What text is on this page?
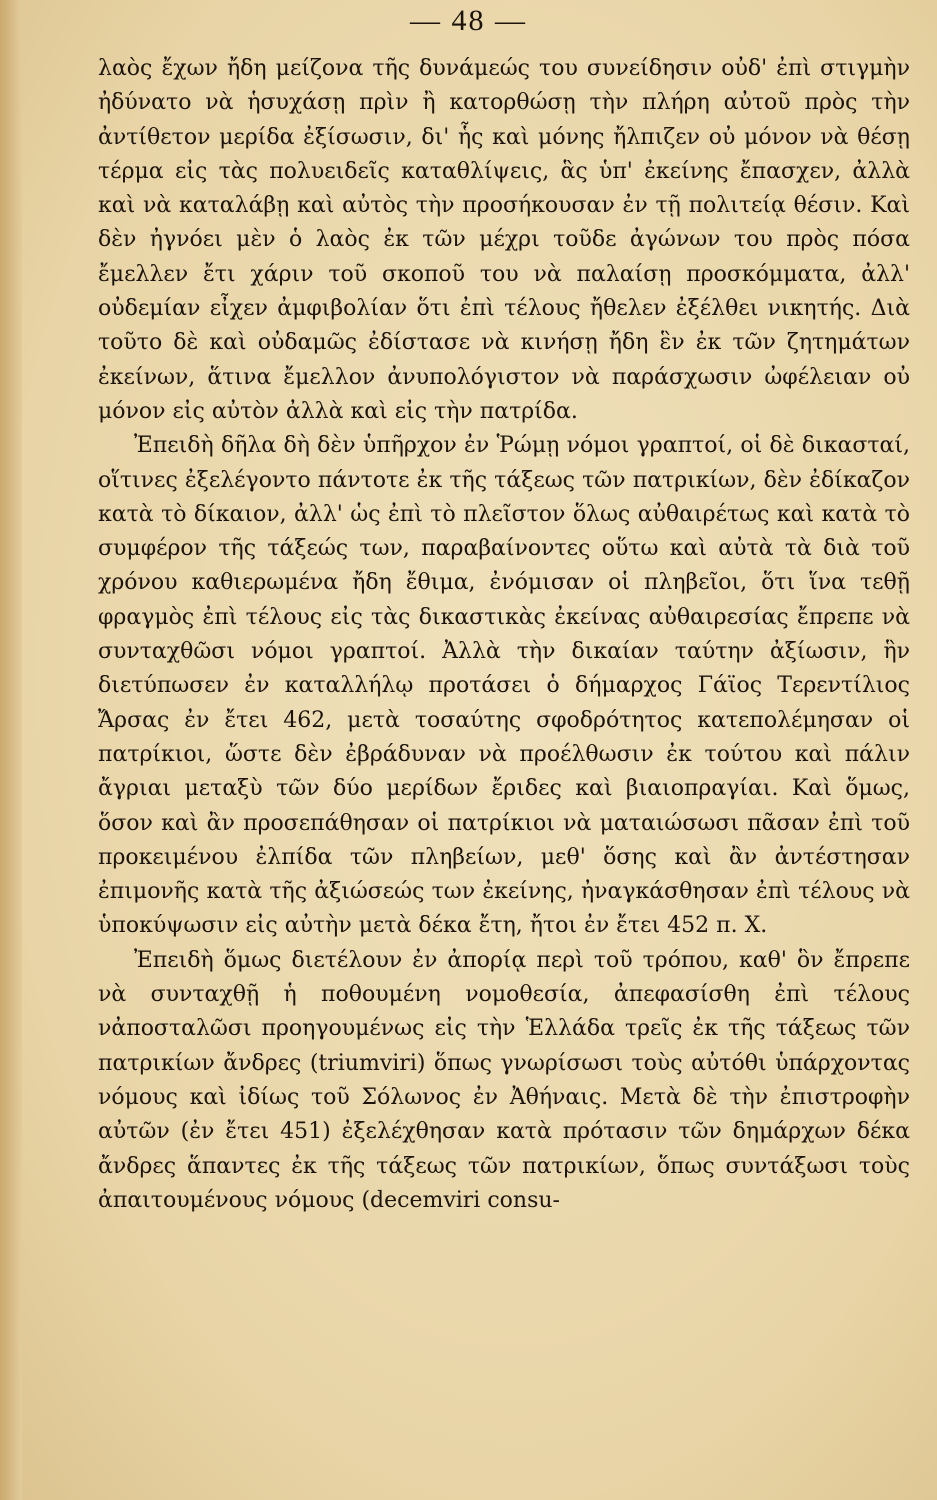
— 48 —

λαὸς ἔχων ἤδη μείζονα τῆς δυνάμεώς του συνείδησιν οὐδ' ἐπὶ στιγμὴν ἠδύνατο νὰ ἡσυχάσῃ πρὶν ἢ κατορθώσῃ τὴν πλήρη αὐτοῦ πρὸς τὴν ἀντίθετον μερίδα ἐξίσωσιν, δι' ἧς καὶ μόνης ἤλπιζεν οὐ μόνον νὰ θέσῃ τέρμα εἰς τὰς πολυειδεῖς καταθλίψεις, ἃς ὑπ' ἐκείνης ἔπασχεν, ἀλλὰ καὶ νὰ καταλάβῃ καὶ αὐτὸς τὴν προσήκουσαν ἐν τῇ πολιτείᾳ θέσιν. Καὶ δὲν ἠγνόει μὲν ὁ λαὸς ἐκ τῶν μέχρι τοῦδε ἀγώνων του πρὸς πόσα ἔμελλεν ἔτι χάριν τοῦ σκοποῦ του νὰ παλαίσῃ προσκόμματα, ἀλλ' οὐδεμίαν εἶχεν ἀμφιβολίαν ὅτι ἐπὶ τέλους ἤθελεν ἐξέλθει νικητής. Διὰ τοῦτο δὲ καὶ οὐδαμῶς ἐδίστασε νὰ κινήσῃ ἤδη ἓν ἐκ τῶν ζητημάτων ἐκείνων, ἅτινα ἔμελλον ἀνυπολόγιστον νὰ παράσχωσιν ὠφέλειαν οὐ μόνον εἰς αὐτὸν ἀλλὰ καὶ εἰς τὴν πατρίδα.

Ἐπειδὴ δῆλα δὴ δὲν ὑπῆρχον ἐν Ῥώμῃ νόμοι γραπτοί, οἱ δὲ δικασταί, οἵτινες ἐξελέγοντο πάντοτε ἐκ τῆς τάξεως τῶν πατρικίων, δὲν ἐδίκαζον κατὰ τὸ δίκαιον, ἀλλ' ὡς ἐπὶ τὸ πλεῖστον ὅλως αὐθαιρέτως καὶ κατὰ τὸ συμφέρον τῆς τάξεώς των, παραβαίνοντες οὕτω καὶ αὐτὰ τὰ διὰ τοῦ χρόνου καθιερωμένα ἤδη ἔθιμα, ἐνόμισαν οἱ πληβεῖοι, ὅτι ἵνα τεθῇ φραγμὸς ἐπὶ τέλους εἰς τὰς δικαστικὰς ἐκείνας αὐθαιρεσίας ἔπρεπε νὰ συνταχθῶσι νόμοι γραπτοί. Ἀλλὰ τὴν δικαίαν ταύτην ἀξίωσιν, ἣν διετύπωσεν ἐν καταλλήλῳ προτάσει ὁ δήμαρχος Γάϊος Τερεντίλιος Ἄρσας ἐν ἔτει 462, μετὰ τοσαύτης σφοδρότητος κατεπολέμησαν οἱ πατρίκιοι, ὥστε δὲν ἐβράδυναν νὰ προέλθωσιν ἐκ τούτου καὶ πάλιν ἄγριαι μεταξὺ τῶν δύο μερίδων ἔριδες καὶ βιαιοπραγίαι. Καὶ ὅμως, ὅσον καὶ ἂν προσεπάθησαν οἱ πατρίκιοι νὰ ματαιώσωσι πᾶσαν ἐπὶ τοῦ προκειμένου ἐλπίδα τῶν πληβείων, μεθ' ὅσης καὶ ἂν ἀντέστησαν ἐπιμονῆς κατὰ τῆς ἀξιώσεώς των ἐκείνης, ἠναγκάσθησαν ἐπὶ τέλους νὰ ὑποκύψωσιν εἰς αὐτὴν μετὰ δέκα ἔτη, ἤτοι ἐν ἔτει 452 π. Χ.

Ἐπειδὴ ὅμως διετέλουν ἐν ἀπορίᾳ περὶ τοῦ τρόπου, καθ' ὃν ἔπρεπε νὰ συνταχθῇ ἡ ποθουμένη νομοθεσία, ἀπεφασίσθη ἐπὶ τέλους νἀποσταλῶσι προηγουμένως εἰς τὴν Ἑλλάδα τρεῖς ἐκ τῆς τάξεως τῶν πατρικίων ἄνδρες (triumviri) ὅπως γνωρίσωσι τοὺς αὐτόθι ὑπάρχοντας νόμους καὶ ἰδίως τοῦ Σόλωνος ἐν Ἀθήναις. Μετὰ δὲ τὴν ἐπιστροφὴν αὐτῶν (ἐν ἔτει 451) ἐξελέχθησαν κατὰ πρότασιν τῶν δημάρχων δέκα ἄνδρες ἅπαντες ἐκ τῆς τάξεως τῶν πατρικίων, ὅπως συντάξωσι τοὺς ἀπαιτουμένους νόμους (decemviri consu-
